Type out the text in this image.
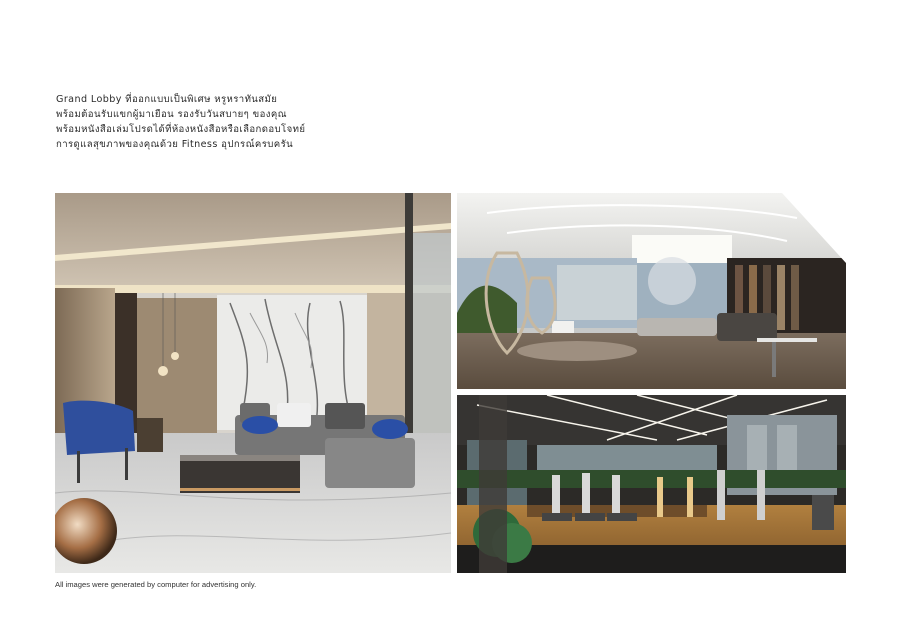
Grand Lobby ที่ออกแบบเป็นพิเศษ หรูหราทันสมัย

พร้อมต้อนรับแขกผู้มาเยือน รองรับวันสบายๆ ของคุณ

พร้อมหนังสือเล่มโปรดได้ที่ห้องหนังสือหรือเลือกดอบโจทย์

การดูแลสุขภาพของคุณด้วย Fitness อุปกรณ์ครบครัน

All images were generated by computer for advertising only.
